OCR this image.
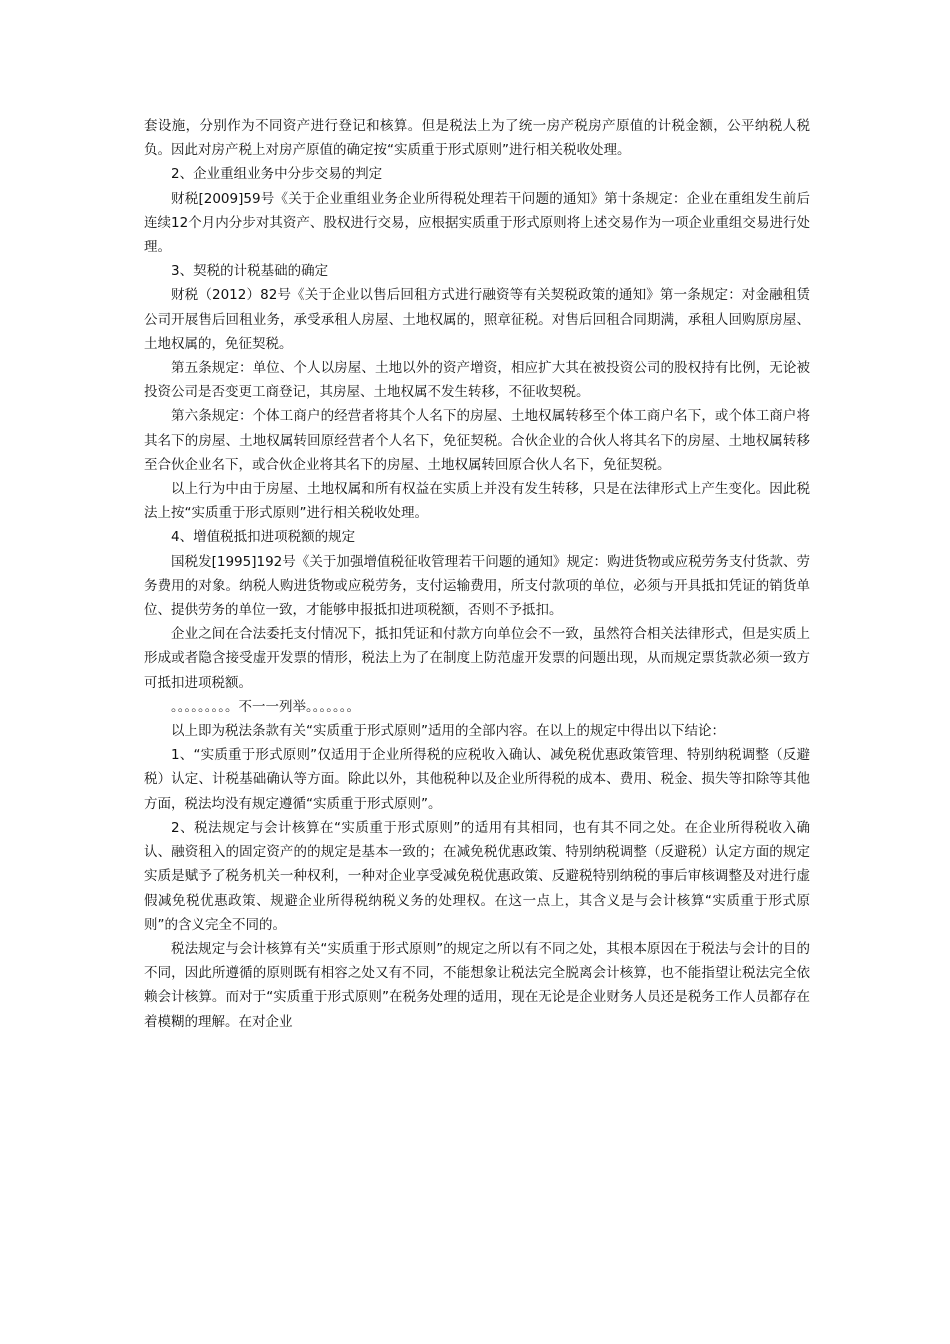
套设施，分别作为不同资产进行登记和核算。但是税法上为了统一房产税房产原值的计税金额，公平纳税人税负。因此对房产税上对房产原值的确定按“实质重于形式原则”进行相关税收处理。

2、企业重组业务中分步交易的判定

财税[2009]59号《关于企业重组业务企业所得税处理若干问题的通知》第十条规定：企业在重组发生前后连续12个月内分步对其资产、股权进行交易，应根据实质重于形式原则将上述交易作为一项企业重组交易进行处理。

3、契税的计税基础的确定

财税（2012）82号《关于企业以售后回租方式进行融资等有关契税政策的通知》第一条规定：对金融租赁公司开展售后回租业务，承受承租人房屋、土地权属的，照章征税。对售后回租合同期满，承租人回购原房屋、土地权属的，免征契税。

第五条规定：单位、个人以房屋、土地以外的资产增资，相应扩大其在被投资公司的股权持有比例，无论被投资公司是否变更工商登记，其房屋、土地权属不发生转移，不征收契税。

第六条规定：个体工商户的经营者将其个人名下的房屋、土地权属转移至个体工商户名下，或个体工商户将其名下的房屋、土地权属转回原经营者个人名下，免征契税。合伙企业的合伙人将其名下的房屋、土地权属转移至合伙企业名下，或合伙企业将其名下的房屋、土地权属转回原合伙人名下，免征契税。

以上行为中由于房屋、土地权属和所有权益在实质上并没有发生转移，只是在法律形式上产生变化。因此税法上按“实质重于形式原则”进行相关税收处理。

4、增值税抵扣进项税额的规定

国税发[1995]192号《关于加强增值税征收管理若干问题的通知》规定：购进货物或应税劳务支付货款、劳务费用的对象。纳税人购进货物或应税劳务，支付运输费用，所支付款项的单位，必须与开具抵扣凭证的销货单位、提供劳务的单位一致，才能够申报抵扣进项税额，否则不予抵扣。

企业之间在合法委托支付情况下，抵扣凭证和付款方向单位会不一致，虽然符合相关法律形式，但是实质上形成或者隐含接受虚开发票的情形，税法上为了在制度上防范虚开发票的问题出现，从而规定票货款必须一致方可抵扣进项税额。

。。。。。。。。。不一一列举。。。。。。。

以上即为税法条款有关“实质重于形式原则”适用的全部内容。在以上的规定中得出以下结论：

1、“实质重于形式原则”仅适用于企业所得税的应税收入确认、减免税优惠政策管理、特别纳税调整（反避税）认定、计税基础确认等方面。除此以外，其他税种以及企业所得税的成本、费用、税金、损失等扣除等其他方面，税法均没有规定遵循“实质重于形式原则”。

2、税法规定与会计核算在“实质重于形式原则”的适用有其相同，也有其不同之处。在企业所得税收入确认、融资租入的固定资产的的规定是基本一致的；在减免税优惠政策、特别纳税调整（反避税）认定方面的规定实质是赋予了税务机关一种权利，一种对企业享受减免税优惠政策、反避税特别纳税的事后审核调整及对进行虚假减免税优惠政策、规避企业所得税纳税义务的处理权。在这一点上，其含义是与会计核算“实质重于形式原则”的含义完全不同的。

税法规定与会计核算有关“实质重于形式原则”的规定之所以有不同之处，其根本原因在于税法与会计的目的不同，因此所遵循的原则既有相容之处又有不同，不能想象让税法完全脱离会计核算，也不能指望让税法完全依赖会计核算。而对于“实质重于形式原则”在税务处理的适用，现在无论是企业财务人员还是税务工作人员都存在着模糊的理解。在对企业
